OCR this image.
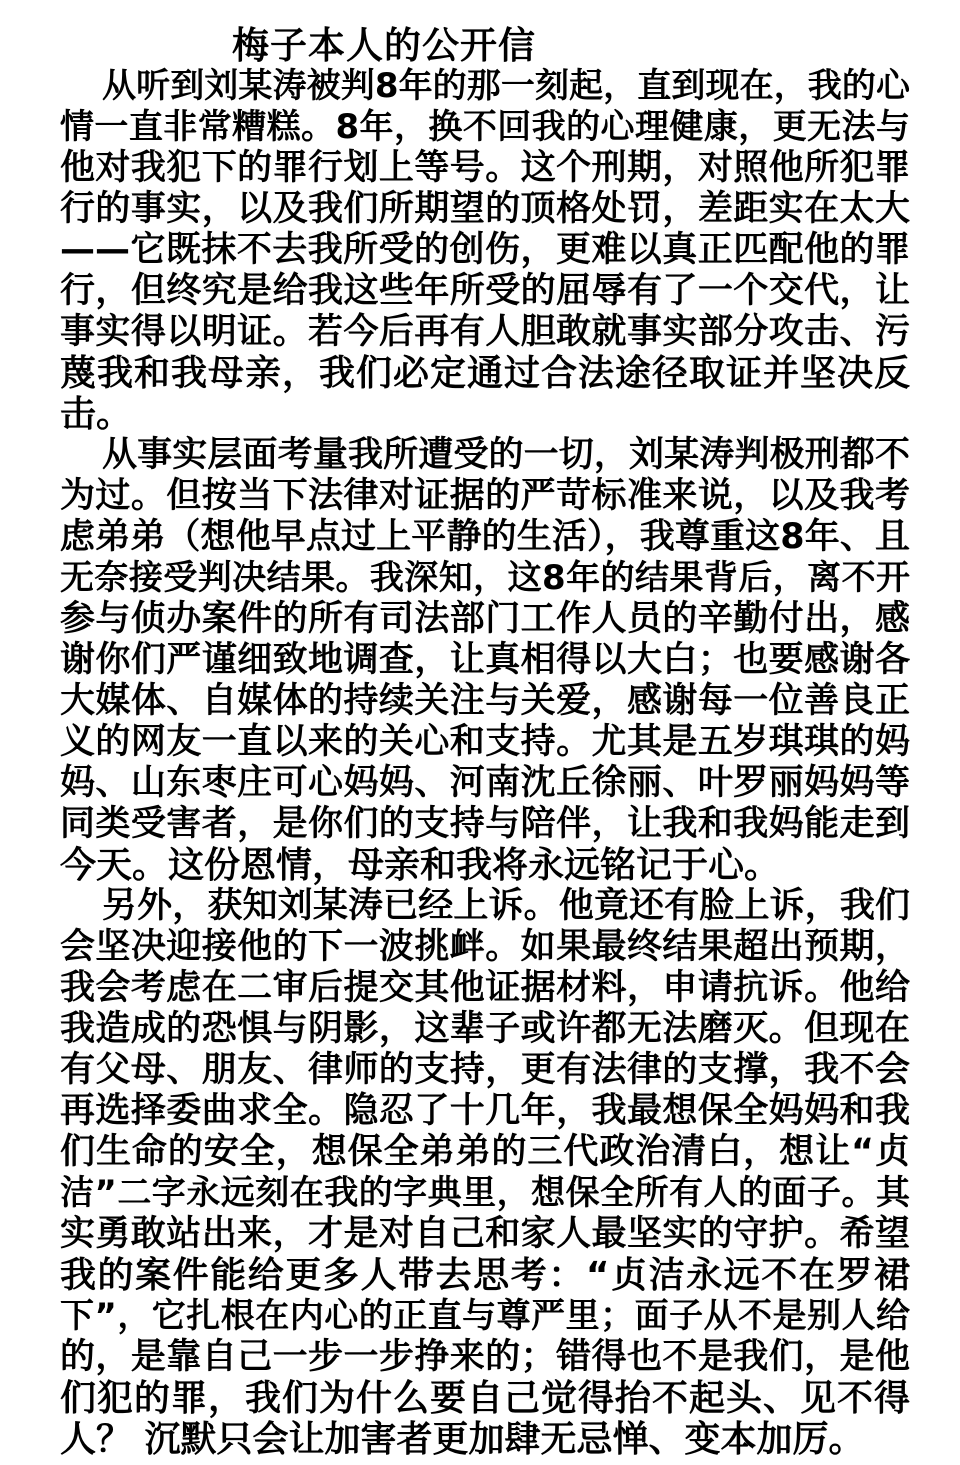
梅子本人的公开信
从听到刘某涛被判8年的那一刻起，直到现在，我的心
情一直非常糟糕。8年，换不回我的心理健康，更无法与
他对我犯下的罪行划上等号。这个刑期，对照他所犯罪
行的事实，以及我们所期望的顶格处罚，差距实在太大
——它既抹不去我所受的创伤，更难以真正匹配他的罪
行，但终究是给我这些年所受的屈辱有了一个交代，让
事实得以明证。若今后再有人胆敢就事实部分攻击、污
蔑我和我母亲，我们必定通过合法途径取证并坚决反
击。
从事实层面考量我所遭受的一切，刘某涛判极刑都不
为过。但按当下法律对证据的严苛标准来说，以及我考
虑弟弟（想他早点过上平静的生活），我尊重这8年、且
无奈接受判决结果。我深知，这8年的结果背后，离不开
参与侦办案件的所有司法部门工作人员的辛勤付出，感
谢你们严谨细致地调查，让真相得以大白；也要感谢各
大媒体、自媒体的持续关注与关爱，感谢每一位善良正
义的网友一直以来的关心和支持。尤其是五岁琪琪的妈
妈、山东枣庄可心妈妈、河南沈丘徐丽、叶罗丽妈妈等
同类受害者，是你们的支持与陪伴，让我和我妈能走到
今天。这份恩情，母亲和我将永远铭记于心。
另外，获知刘某涛已经上诉。他竟还有脸上诉，我们
会坚决迎接他的下一波挑衅。如果最终结果超出预期，
我会考虑在二审后提交其他证据材料，申请抗诉。他给
我造成的恐惧与阴影，这辈子或许都无法磨灭。但现在
有父母、朋友、律师的支持，更有法律的支撑，我不会
再选择委曲求全。隐忍了十几年，我最想保全妈妈和我
们生命的安全，想保全弟弟的三代政治清白，想让“贞
洁”二字永远刻在我的字典里，想保全所有人的面子。其
实勇敢站出来，才是对自己和家人最坚实的守护。希望
我的案件能给更多人带去思考：“贞洁永远不在罗裙
下”，它扎根在内心的正直与尊严里；面子从不是别人给
的，是靠自己一步一步挣来的；错得也不是我们，是他
们犯的罪，我们为什么要自己觉得抬不起头、见不得
人？ 沉默只会让加害者更加肆无忌惮、变本加厉。
